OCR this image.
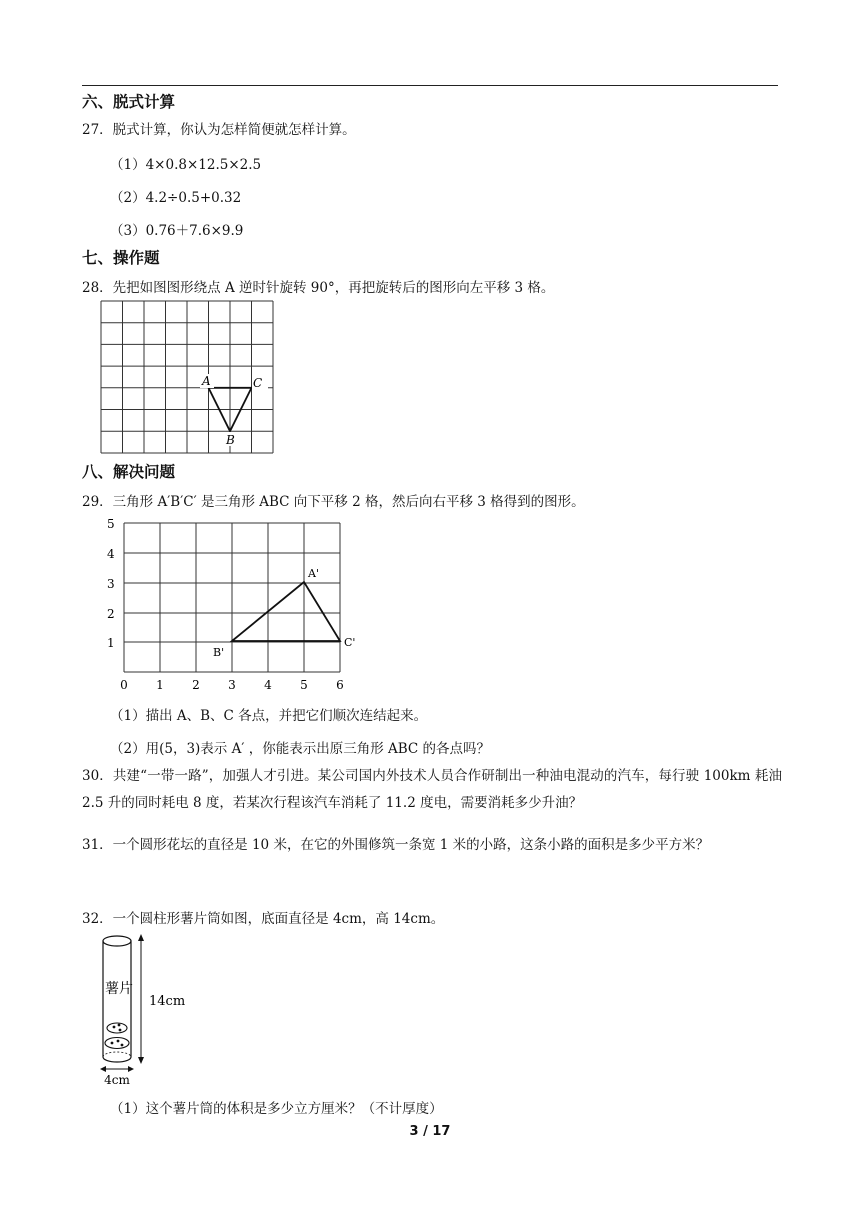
六、脱式计算
27．脱式计算，你认为怎样简便就怎样计算。
（1）4×0.8×12.5×2.5
（2）4.2÷0.5+0.32
（3）0.76＋7.6×9.9
七、操作题
28．先把如图图形绕点 A 逆时针旋转 90°，再把旋转后的图形向左平移 3 格。
A	C
B
八、解决问题
29．三角形 A′B′C′ 是三角形 ABC 向下平移 2 格，然后向右平移 3 格得到的图形。
5
4
3
2
1
0 1 2 3 4 5 6
A'
C'
B'
（1）描出 A、B、C 各点，并把它们顺次连结起来。
（2）用(5，3)表示 A′ ，你能表示出原三角形 ABC 的各点吗？
30．共建“一带一路”，加强人才引进。某公司国内外技术人员合作研制出一种油电混动的汽车，每行驶 100km 耗油 2.5 升的同时耗电 8 度，若某次行程该汽车消耗了 11.2 度电，需要消耗多少升油？
31．一个圆形花坛的直径是 10 米，在它的外围修筑一条宽 1 米的小路，这条小路的面积是多少平方米？
32．一个圆柱形薯片筒如图，底面直径是 4cm，高 14cm。
薯片
14cm
4cm
（1）这个薯片筒的体积是多少立方厘米？（不计厚度）
3 / 17
